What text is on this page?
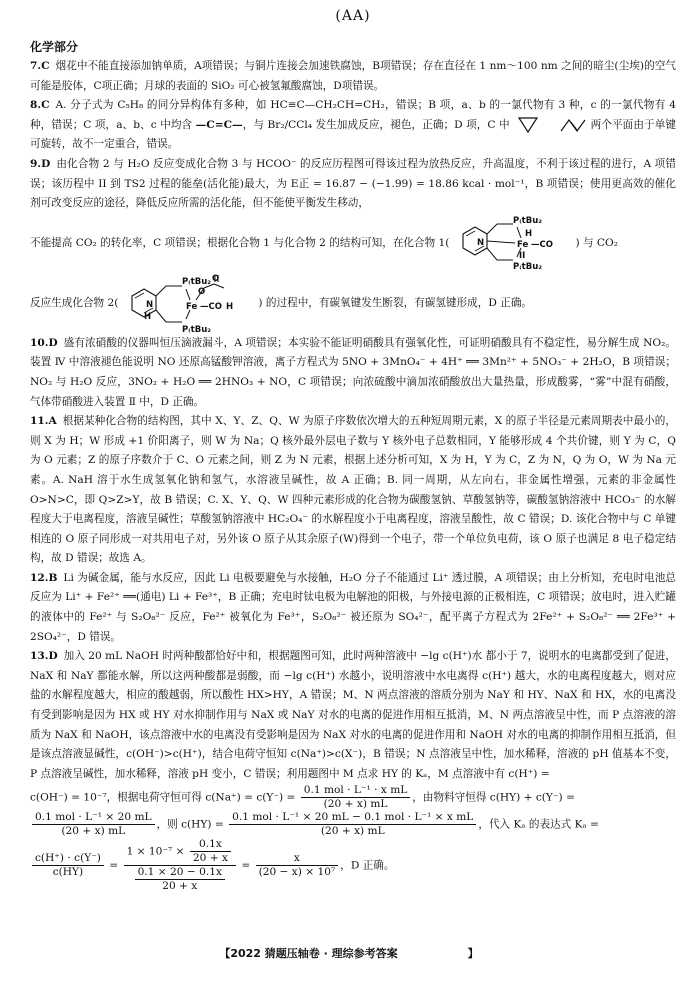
(AA)
化学部分

7.C 烟花中不能直接添加钠单质，A项错误；与铜片连接会加速铁腐蚀，B项错误；存在直径在 1 nm～100 nm 之间的暗尘(尘埃)的空气可能是胶体，C项正确；月球的表面的 SiO₂ 可心被氢氟酸腐蚀，D项错误。

8.C A. 分子式为 C₅H₈ 的同分异构体有多种，如 HC≡C—CH₂CH=CH₂，错误；B 项，a、b 的一氯代物有 3 种，c 的一氯代物有 4 种，错误；C 项，a、b、c 中均含 —C=C—，与 Br₂/CCl₄ 发生加成反应，褪色，正确；D 项，C 中
	两个平面由于单键可旋转，故不一定重合，错误。

9.D 由化合物 2 与 H₂O 反应变成化合物 3 与 HCOO⁻ 的反应历程图可得该过程为放热反应，升高温度，不利于该过程的进行，A 项错误；该历程中 II 到 TS2 过程的能垒(活化能)最大，为 E正 = 16.87 − (−1.99) = 18.86 kcal · mol⁻¹，B 项错误；使用更高效的催化剂可改变反应的途径，降低反应所需的活化能，但不能使平衡发生移动，

不能提高 CO₂ 的转化率，C 项错误；根据化合物 1 与化合物 2 的结构可知，在化合物 1(
P₍tBu₂
P₍tBu₂
N
H
Fe —CO
II
) 与 CO₂

反应生成化合物 2(
P₍tBu₂
P₍tBu₂
N
H
O
O
Fe —CO H ) 的过程中，有碳氧键发生断裂，有碳氢键形成，D 正确。

10.D 盛有浓硝酸的仪器叫恒压滴液漏斗，A 项错误；本实验不能证明硝酸具有强氧化性，可证明硝酸具有不稳定性，易分解生成 NO₂。装置 Ⅳ 中溶液褪色能说明 NO 还原高锰酸钾溶液，离子方程式为 5NO + 3MnO₄⁻ + 4H⁺ ══ 3Mn²⁺ + 5NO₃⁻ + 2H₂O，B 项错误；NO₂ 与 H₂O 反应，3NO₂ + H₂O ══ 2HNO₃ + NO，C 项错误；向浓硫酸中滴加浓硝酸放出大量热量，形成酸雾，“雾”中混有硝酸，气体带硝酸进入装置 Ⅱ 中，D 正确。

11.A 根据某种化合物的结构图，其中 X、Y、Z、Q、W 为原子序数依次增大的五种短周期元素，X 的原子半径是元素周期表中最小的，则 X 为 H；W 形成 +1 价阳离子，则 W 为 Na；Q 核外最外层电子数与 Y 核外电子总数相同，Y 能够形成 4 个共价键，则 Y 为 C，Q 为 O 元素；Z 的原子序数介于 C、O 元素之间，则 Z 为 N 元素，根据上述分析可知，X 为 H，Y 为 C，Z 为 N，Q 为 O，W 为 Na 元素。A. NaH 溶于水生成氢氧化钠和氢气，水溶液呈碱性，故 A 正确；B. 同一周期，从左向右，非金属性增强，元素的非金属性 O>N>C，即 Q>Z>Y，故 B 错误；C. X、Y、Q、W 四种元素形成的化合物为碳酸氢钠、草酸氢钠等，碳酸氢钠溶液中 HCO₃⁻ 的水解程度大于电离程度，溶液呈碱性；草酸氢钠溶液中 HC₂O₄⁻ 的水解程度小于电离程度，溶液呈酸性，故 C 错误；D. 该化合物中与 C 单键相连的 O 原子同形成一对共用电子对，另外该 O 原子从其余原子(W)得到一个电子，带一个单位负电荷，该 O 原子也满足 8 电子稳定结构，故 D 错误；故选 A。

12.B Li 为碱金属，能与水反应，因此 Li 电极要避免与水接触，H₂O 分子不能通过 Li⁺ 透过膜，A 项错误；由上分析知，充电时电池总反应为 Li⁺ + Fe²⁺ ══(通电) Li + Fe³⁺，B 正确；充电时钛电极为电解池的阳极，与外接电源的正极相连，C 项错误；放电时，进入贮罐的液体中的 Fe²⁺ 与 S₂O₈²⁻ 反应，Fe²⁺ 被氧化为 Fe³⁺，S₂O₈²⁻ 被还原为 SO₄²⁻，配平离子方程式为 2Fe²⁺ + S₂O₈²⁻ ══ 2Fe³⁺ + 2SO₄²⁻，D 错误。

13.D 加入 20 mL NaOH 时两种酸都恰好中和，根据题图可知，此时两种溶液中 −lg c(H⁺)水 都小于 7，说明水的电离都受到了促进，NaX 和 NaY 都能水解，所以这两种酸都是弱酸，而 −lg c(H⁺) 水越小，说明溶液中水电离得 c(H⁺) 越大，水的电离程度越大，则对应盐的水解程度越大，相应的酸越弱，所以酸性 HX>HY，A 错误；M、N 两点溶液的溶质分别为 NaY 和 HY、NaX 和 HX，水的电离没有受到影响是因为 HX 或 HY 对水抑制作用与 NaX 或 NaY 对水的电离的促进作用相互抵消，M、N 两点溶液呈中性，而 P 点溶液的溶质为 NaX 和 NaOH，该点溶液中水的电离没有受影响是因为 NaX 对水的电离的促进作用和 NaOH 对水的电离的抑制作用相互抵消，但是该点溶液显碱性，c(OH⁻)>c(H⁺)，结合电荷守恒知 c(Na⁺)>c(X⁻)，B 错误；N 点溶液呈中性，加水稀释，溶液的 pH 值基本不变，P 点溶液呈碱性，加水稀释，溶液 pH 变小，C 错误；利用题图中 M 点求 HY 的 Kₐ，M 点溶液中有 c(H⁺) =

c(OH⁻) = 10⁻⁷，根据电荷守恒可得 $c(Na^+) = c(Y^-) = \frac{\text{0.1 mol · L⁻¹ · x mL}}{(20 + x) mL}$ ，由物料守恒得 c(HY) + c(Y⁻) =
$\frac{\text{0.1 mol · L⁻¹ × 20 mL}}{(20 + x) mL}$ ，则 $c(HY) = \frac{\text{0.1 mol · L⁻¹ × 20 mL − 0.1 mol · L⁻¹ × x mL}}{(20 + x) mL}$ ，代入 Kₐ 的表达式 Kₐ =
$\frac{c(H^+) \cdot c(Y^-)}{c(HY)} = \frac{1 \times 10^{-7} \times \frac{0.1x}{20 + x}}{\frac{0.1 \times 20 - 0.1x}{20 + x}} = \frac{x}{\text{(20 − x) × 10⁷}}$ ，D 正确。
【2022 猜题压轴卷 · 理综参考答案	】
